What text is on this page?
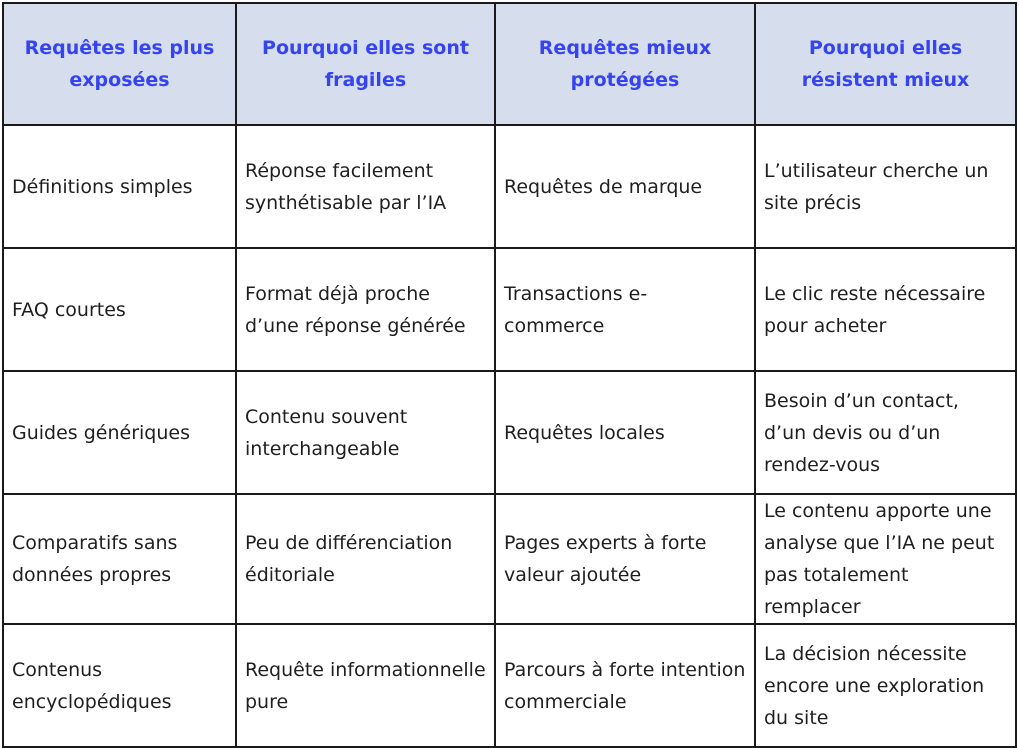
Requêtes les plus exposées	Pourquoi elles sont fragiles	Requêtes mieux protégées	Pourquoi elles résistent mieux
Définitions simples	Réponse facilement synthétisable par l’IA	Requêtes de marque	L’utilisateur cherche un site précis
FAQ courtes	Format déjà proche d’une réponse générée	Transactions e-commerce	Le clic reste nécessaire pour acheter
Guides génériques	Contenu souvent interchangeable	Requêtes locales	Besoin d’un contact, d’un devis ou d’un rendez-vous
Comparatifs sans données propres	Peu de différenciation éditoriale	Pages experts à forte valeur ajoutée	Le contenu apporte une analyse que l’IA ne peut pas totalement remplacer
Contenus encyclopédiques	Requête informationnelle pure	Parcours à forte intention commerciale	La décision nécessite encore une exploration du site
